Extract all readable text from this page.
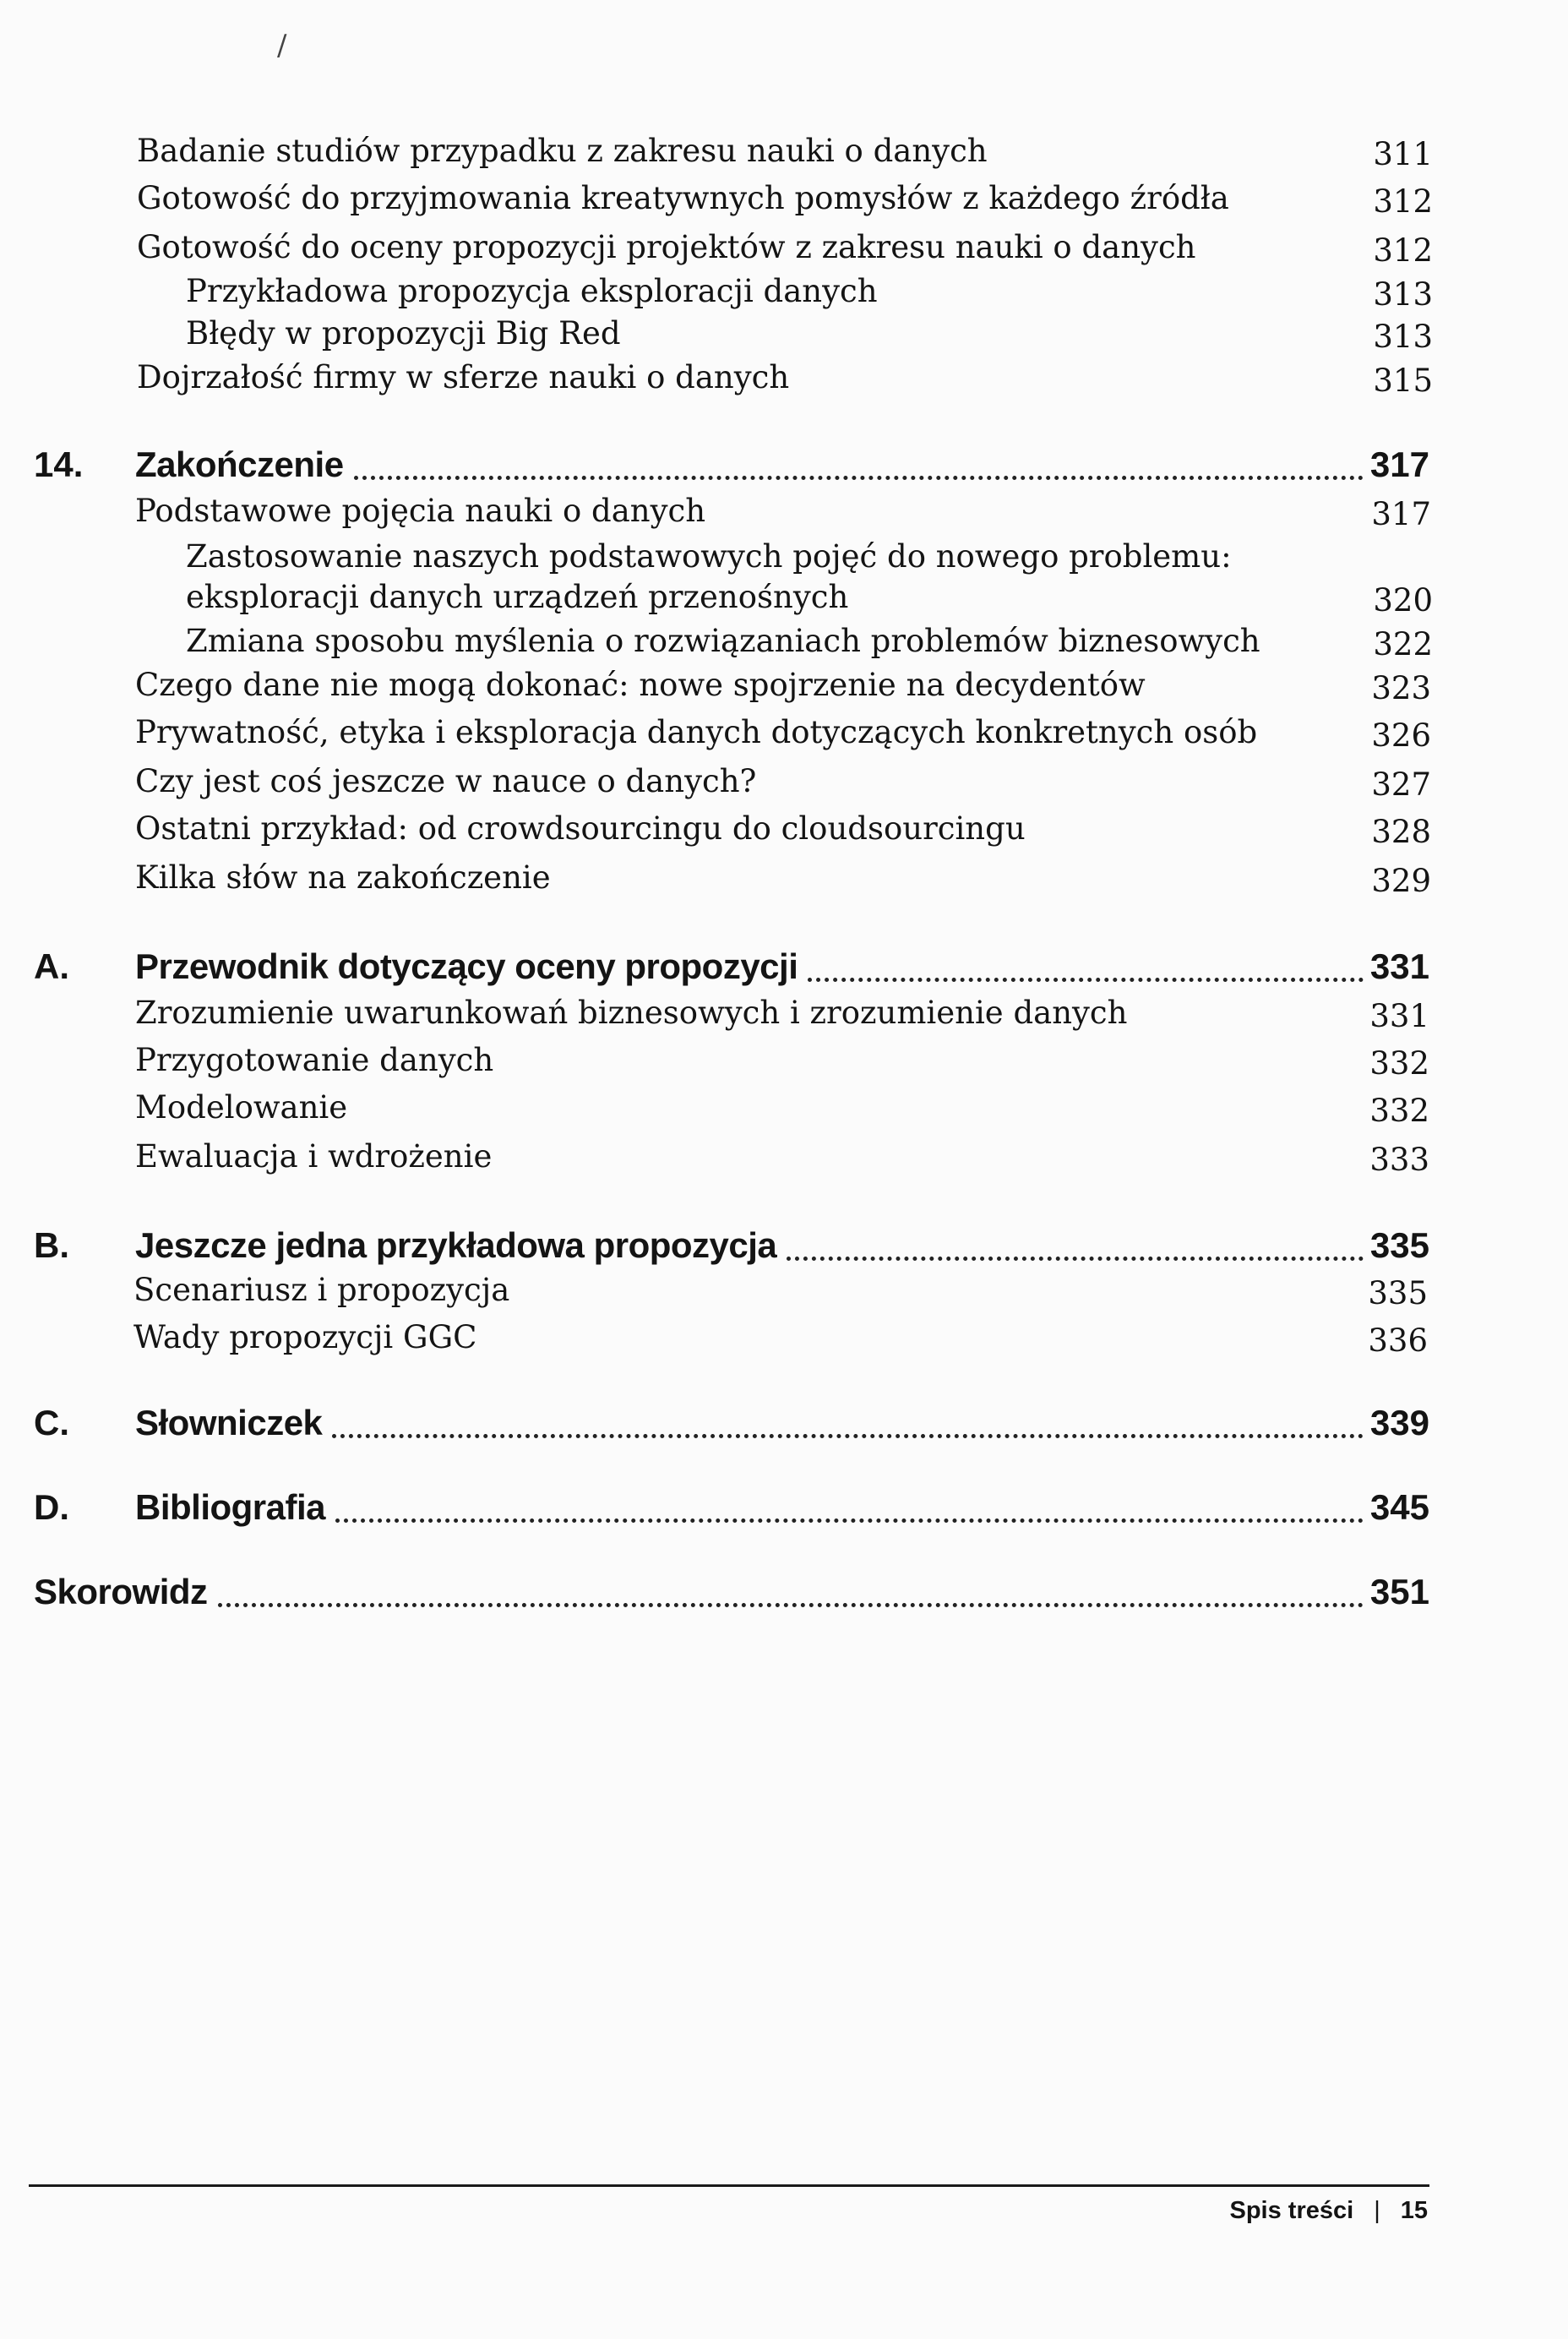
/
Badanie studiów przypadku z zakresu nauki o danych	311
Gotowość do przyjmowania kreatywnych pomysłów z każdego źródła	312
Gotowość do oceny propozycji projektów z zakresu nauki o danych	312
Przykładowa propozycja eksploracji danych	313
Błędy w propozycji Big Red	313
Dojrzałość firmy w sferze nauki o danych	315
14. Zakończenie	317
Podstawowe pojęcia nauki o danych	317
Zastosowanie naszych podstawowych pojęć do nowego problemu:
eksploracji danych urządzeń przenośnych	320
Zmiana sposobu myślenia o rozwiązaniach problemów biznesowych	322
Czego dane nie mogą dokonać: nowe spojrzenie na decydentów	323
Prywatność, etyka i eksploracja danych dotyczących konkretnych osób	326
Czy jest coś jeszcze w nauce o danych?	327
Ostatni przykład: od crowdsourcingu do cloudsourcingu	328
Kilka słów na zakończenie	329
A. Przewodnik dotyczący oceny propozycji	331
Zrozumienie uwarunkowań biznesowych i zrozumienie danych	331
Przygotowanie danych	332
Modelowanie	332
Ewaluacja i wdrożenie	333
B. Jeszcze jedna przykładowa propozycja	335
Scenariusz i propozycja	335
Wady propozycji GGC	336
C. Słowniczek	339
D. Bibliografia	345
Skorowidz	351
Spis treści | 15
